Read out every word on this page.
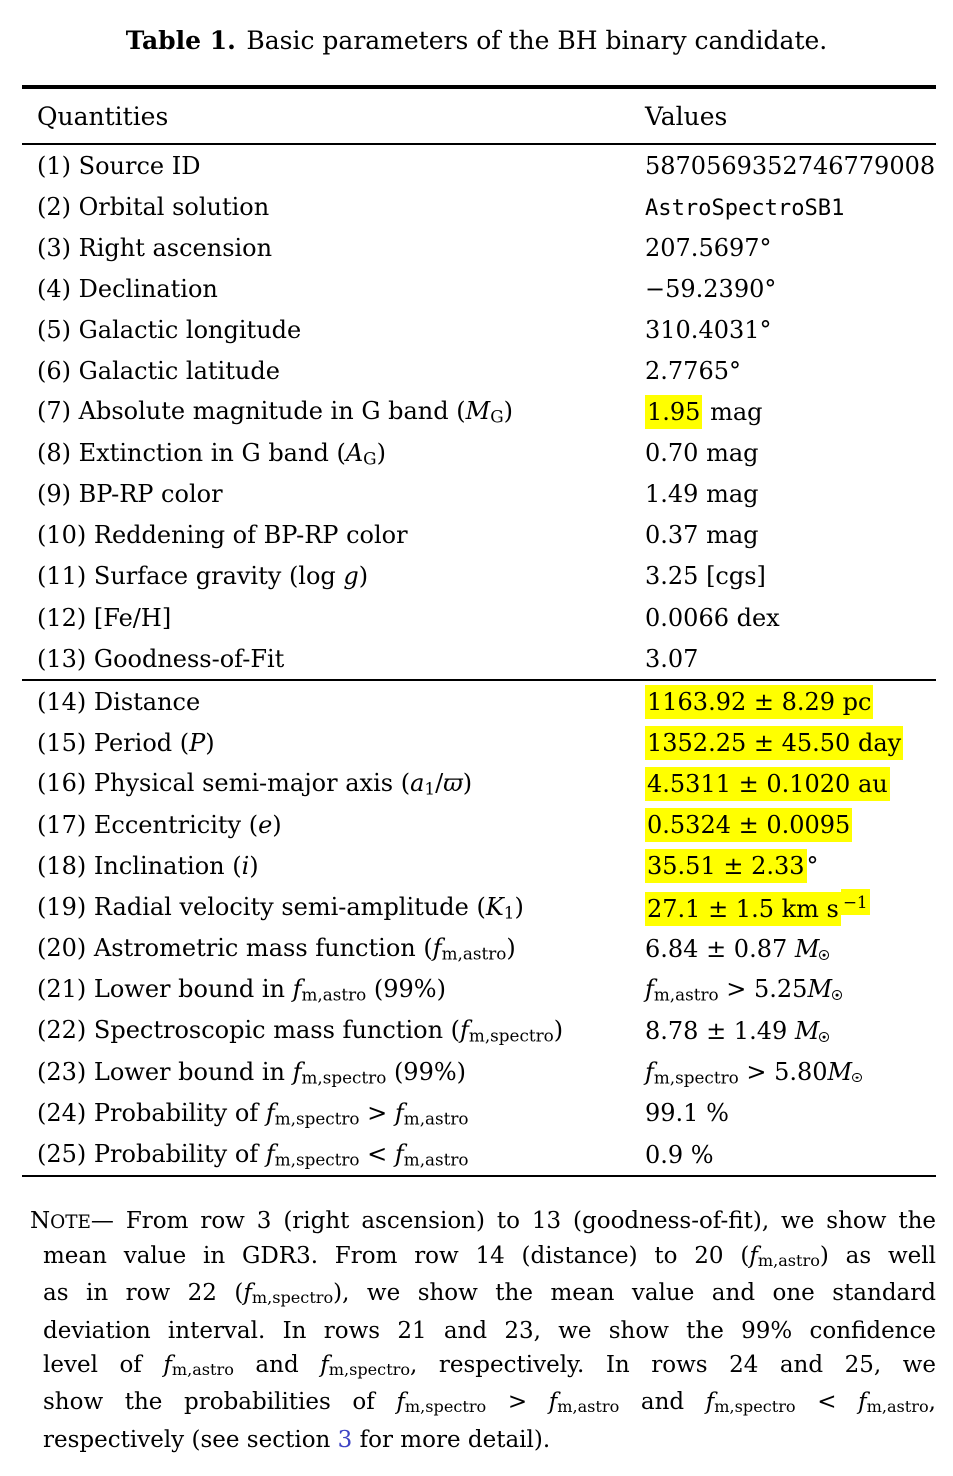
Table 1. Basic parameters of the BH binary candidate.
Quantities	Values
(1) Source ID	5870569352746779008
(2) Orbital solution	AstroSpectroSB1
(3) Right ascension	207.5697°
(4) Declination	−59.2390°
(5) Galactic longitude	310.4031°
(6) Galactic latitude	2.7765°
(7) Absolute magnitude in G band (MG)	1.95 mag
(8) Extinction in G band (AG)	0.70 mag
(9) BP-RP color	1.49 mag
(10) Reddening of BP-RP color	0.37 mag
(11) Surface gravity (log g)	3.25 [cgs]
(12) [Fe/H]	0.0066 dex
(13) Goodness-of-Fit	3.07
(14) Distance	1163.92 ± 8.29 pc
(15) Period (P)	1352.25 ± 45.50 day
(16) Physical semi-major axis (a1/ϖ)	4.5311 ± 0.1020 au
(17) Eccentricity (e)	0.5324 ± 0.0095
(18) Inclination (i)	35.51 ± 2.33°
(19) Radial velocity semi-amplitude (K1)	27.1 ± 1.5 km s $^{-1}$
(20) Astrometric mass function (fm,astro)	6.84 ± 0.87 M
(21) Lower bound in fm,astro (99%)	fm,astro > 5.25M
(22) Spectroscopic mass function (fm,spectro)	8.78 ± 1.49 M
(23) Lower bound in fm,spectro (99%)	fm,spectro > 5.80M
(24) Probability of fm,spectro > fm,astro	99.1 %
(25) Probability of fm,spectro < fm,astro	0.9 %
NOTE— From row 3 (right ascension) to 13 (goodness-of-fit), we show the
mean value in GDR3. From row 14 (distance) to 20 (fm,astro) as well
as in row 22 (fm,spectro), we show the mean value and one standard
deviation interval. In rows 21 and 23, we show the 99% confidence
level of fm,astro and fm,spectro, respectively. In rows 24 and 25, we
show the probabilities of fm,spectro > fm,astro and fm,spectro < fm,astro,
respectively (see section 3 for more detail).
